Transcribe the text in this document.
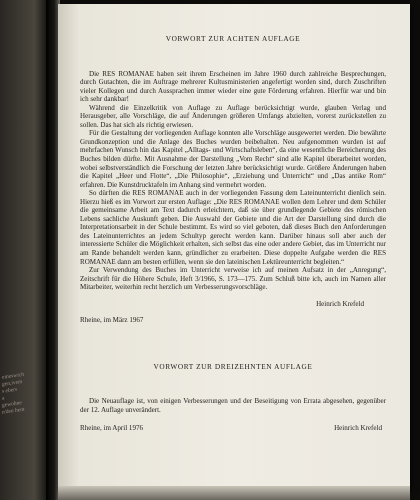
eineswich
gen,ivem
s ebers
a
gewohne
n'den hent
VORWORT ZUR ACHTEN AUFLAGE

Die RES ROMANAE haben seit ihrem Erscheinen im Jahre 1960 durch zahlreiche Besprechungen, durch Gutachten, die im Auftrage mehrerer Kultusministerien angefertigt worden sind, durch Zuschriften vieler Kollegen und durch Aussprachen immer wieder eine gute Förderung erfahren. Hierfür war und bin ich sehr dankbar!

Während die Einzelkritik von Auflage zu Auflage berücksichtigt wurde, glauben Verlag und Herausgeber, alle Vorschläge, die auf Änderungen größeren Umfangs abzielten, vorerst zurückstellen zu sollen. Das hat sich als richtig erwiesen.

Für die Gestaltung der vorliegenden Auflage konnten alle Vorschläge ausgewertet werden. Die bewährte Grundkonzeption und die Anlage des Buches wurden beibehalten. Neu aufgenommen wurden ist auf mehrfachen Wunsch hin das Kapitel „Alltags- und Wirtschaftsleben“, da eine wesentliche Bereicherung des Buches bilden dürfte. Mit Ausnahme der Darstellung „Vom Recht“ sind alle Kapitel überarbeitet worden, wobei selbstverständlich die Forschung der letzten Jahre berücksichtigt wurde. Größere Änderungen haben die Kapitel „Heer und Flotte“, „Die Philosophie“, „Erziehung und Unterricht“ und „Das antike Rom“ erfahren. Die Kunstdrucktafeln im Anhang sind vermehrt worden.

So dürften die RES ROMANAE auch in der vorliegenden Fassung dem Lateinunterricht dienlich sein. Hierzu hieß es im Vorwort zur ersten Auflage: „Die RES ROMANAE wollen dem Lehrer und dem Schüler die gemeinsame Arbeit am Text dadurch erleichtern, daß sie über grundlegende Gebiete des römischen Lebens sachliche Auskunft geben. Die Auswahl der Gebiete und die Art der Darstellung sind durch die Interpretationsarbeit in der Schule bestimmt. Es wird so viel geboten, daß dieses Buch den Anforderungen des Lateinunterrichtes an jedem Schultyp gerecht werden kann. Darüber hinaus soll aber auch der interessierte Schüler die Möglichkeit erhalten, sich selbst das eine oder andere Gebiet, das im Unterricht nur am Rande behandelt werden kann, gründlicher zu erarbeiten. Diese doppelte Aufgabe werden die RES ROMANAE dann am besten erfüllen, wenn sie den lateinischen Lektüreunterricht begleiten.“

Zur Verwendung des Buches im Unterricht verweise ich auf meinen Aufsatz in der „Anregung“, Zeitschrift für die Höhere Schule, Heft 3/1966, S. 173—175. Zum Schluß bitte ich, auch im Namen aller Mitarbeiter, weiterhin recht herzlich um Verbesserungsvorschläge.

Heinrich Krefeld

Rheine, im März 1967

VORWORT ZUR DREIZEHNTEN AUFLAGE

Die Neuauflage ist, von einigen Verbesserungen und der Beseitigung von Errata abgesehen, gegenüber der 12. Auflage unverändert.

Rheine, im April 1976	Heinrich Krefeld
